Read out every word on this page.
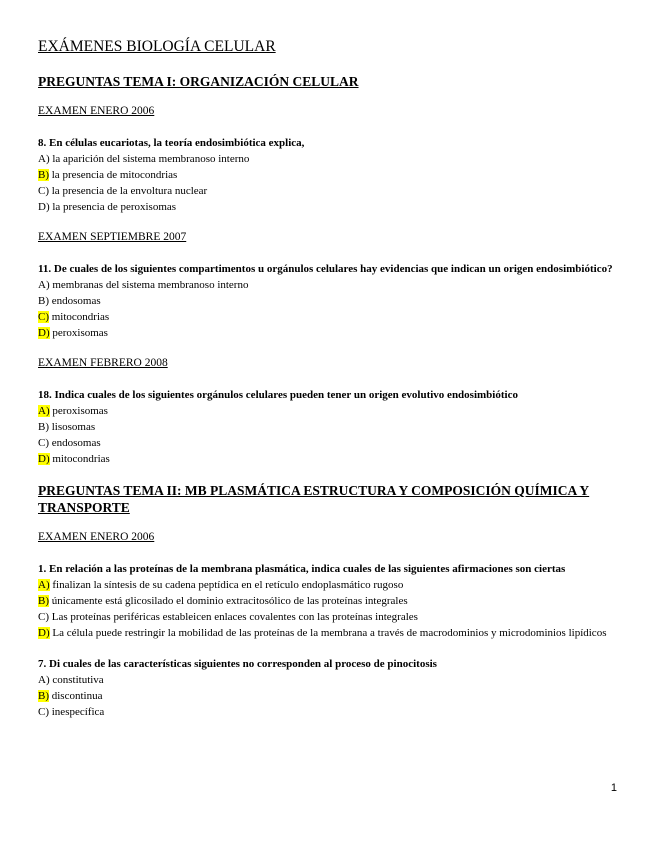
EXÁMENES BIOLOGÍA CELULAR
PREGUNTAS TEMA I: ORGANIZACIÓN CELULAR
EXAMEN ENERO 2006
8. En células eucariotas, la teoría endosimbiótica explica,
A) la aparición del sistema membranoso interno
B) la presencia de mitocondrias
C) la presencia de la envoltura nuclear
D) la presencia de peroxisomas
EXAMEN SEPTIEMBRE 2007
11. De cuales de los siguientes compartimentos u orgánulos celulares hay evidencias que indican un origen endosimbiótico?
A) membranas del sistema membranoso interno
B) endosomas
C) mitocondrias
D) peroxisomas
EXAMEN FEBRERO 2008
18. Indica cuales de los siguientes orgánulos celulares pueden tener un origen evolutivo endosimbiótico
A) peroxisomas
B) lisosomas
C) endosomas
D) mitocondrias
PREGUNTAS TEMA II: MB PLASMÁTICA ESTRUCTURA Y COMPOSICIÓN QUÍMICA Y TRANSPORTE
EXAMEN ENERO 2006
1. En relación a las proteínas de la membrana plasmática, indica cuales de las siguientes afirmaciones son ciertas
A) finalizan la síntesis de su cadena peptídica en el retículo endoplasmático rugoso
B) únicamente está glicosilado el dominio extracitosólico de las proteínas integrales
C) Las proteínas periféricas estableicen enlaces covalentes con las proteínas integrales
D) La célula puede restringir la mobilidad de las proteínas de la membrana a través de macrodominios y microdominios lipídicos
7. Di cuales de las características siguientes no corresponden al proceso de pinocitosis
A) constitutiva
B) discontinua
C) inespecífica
1
